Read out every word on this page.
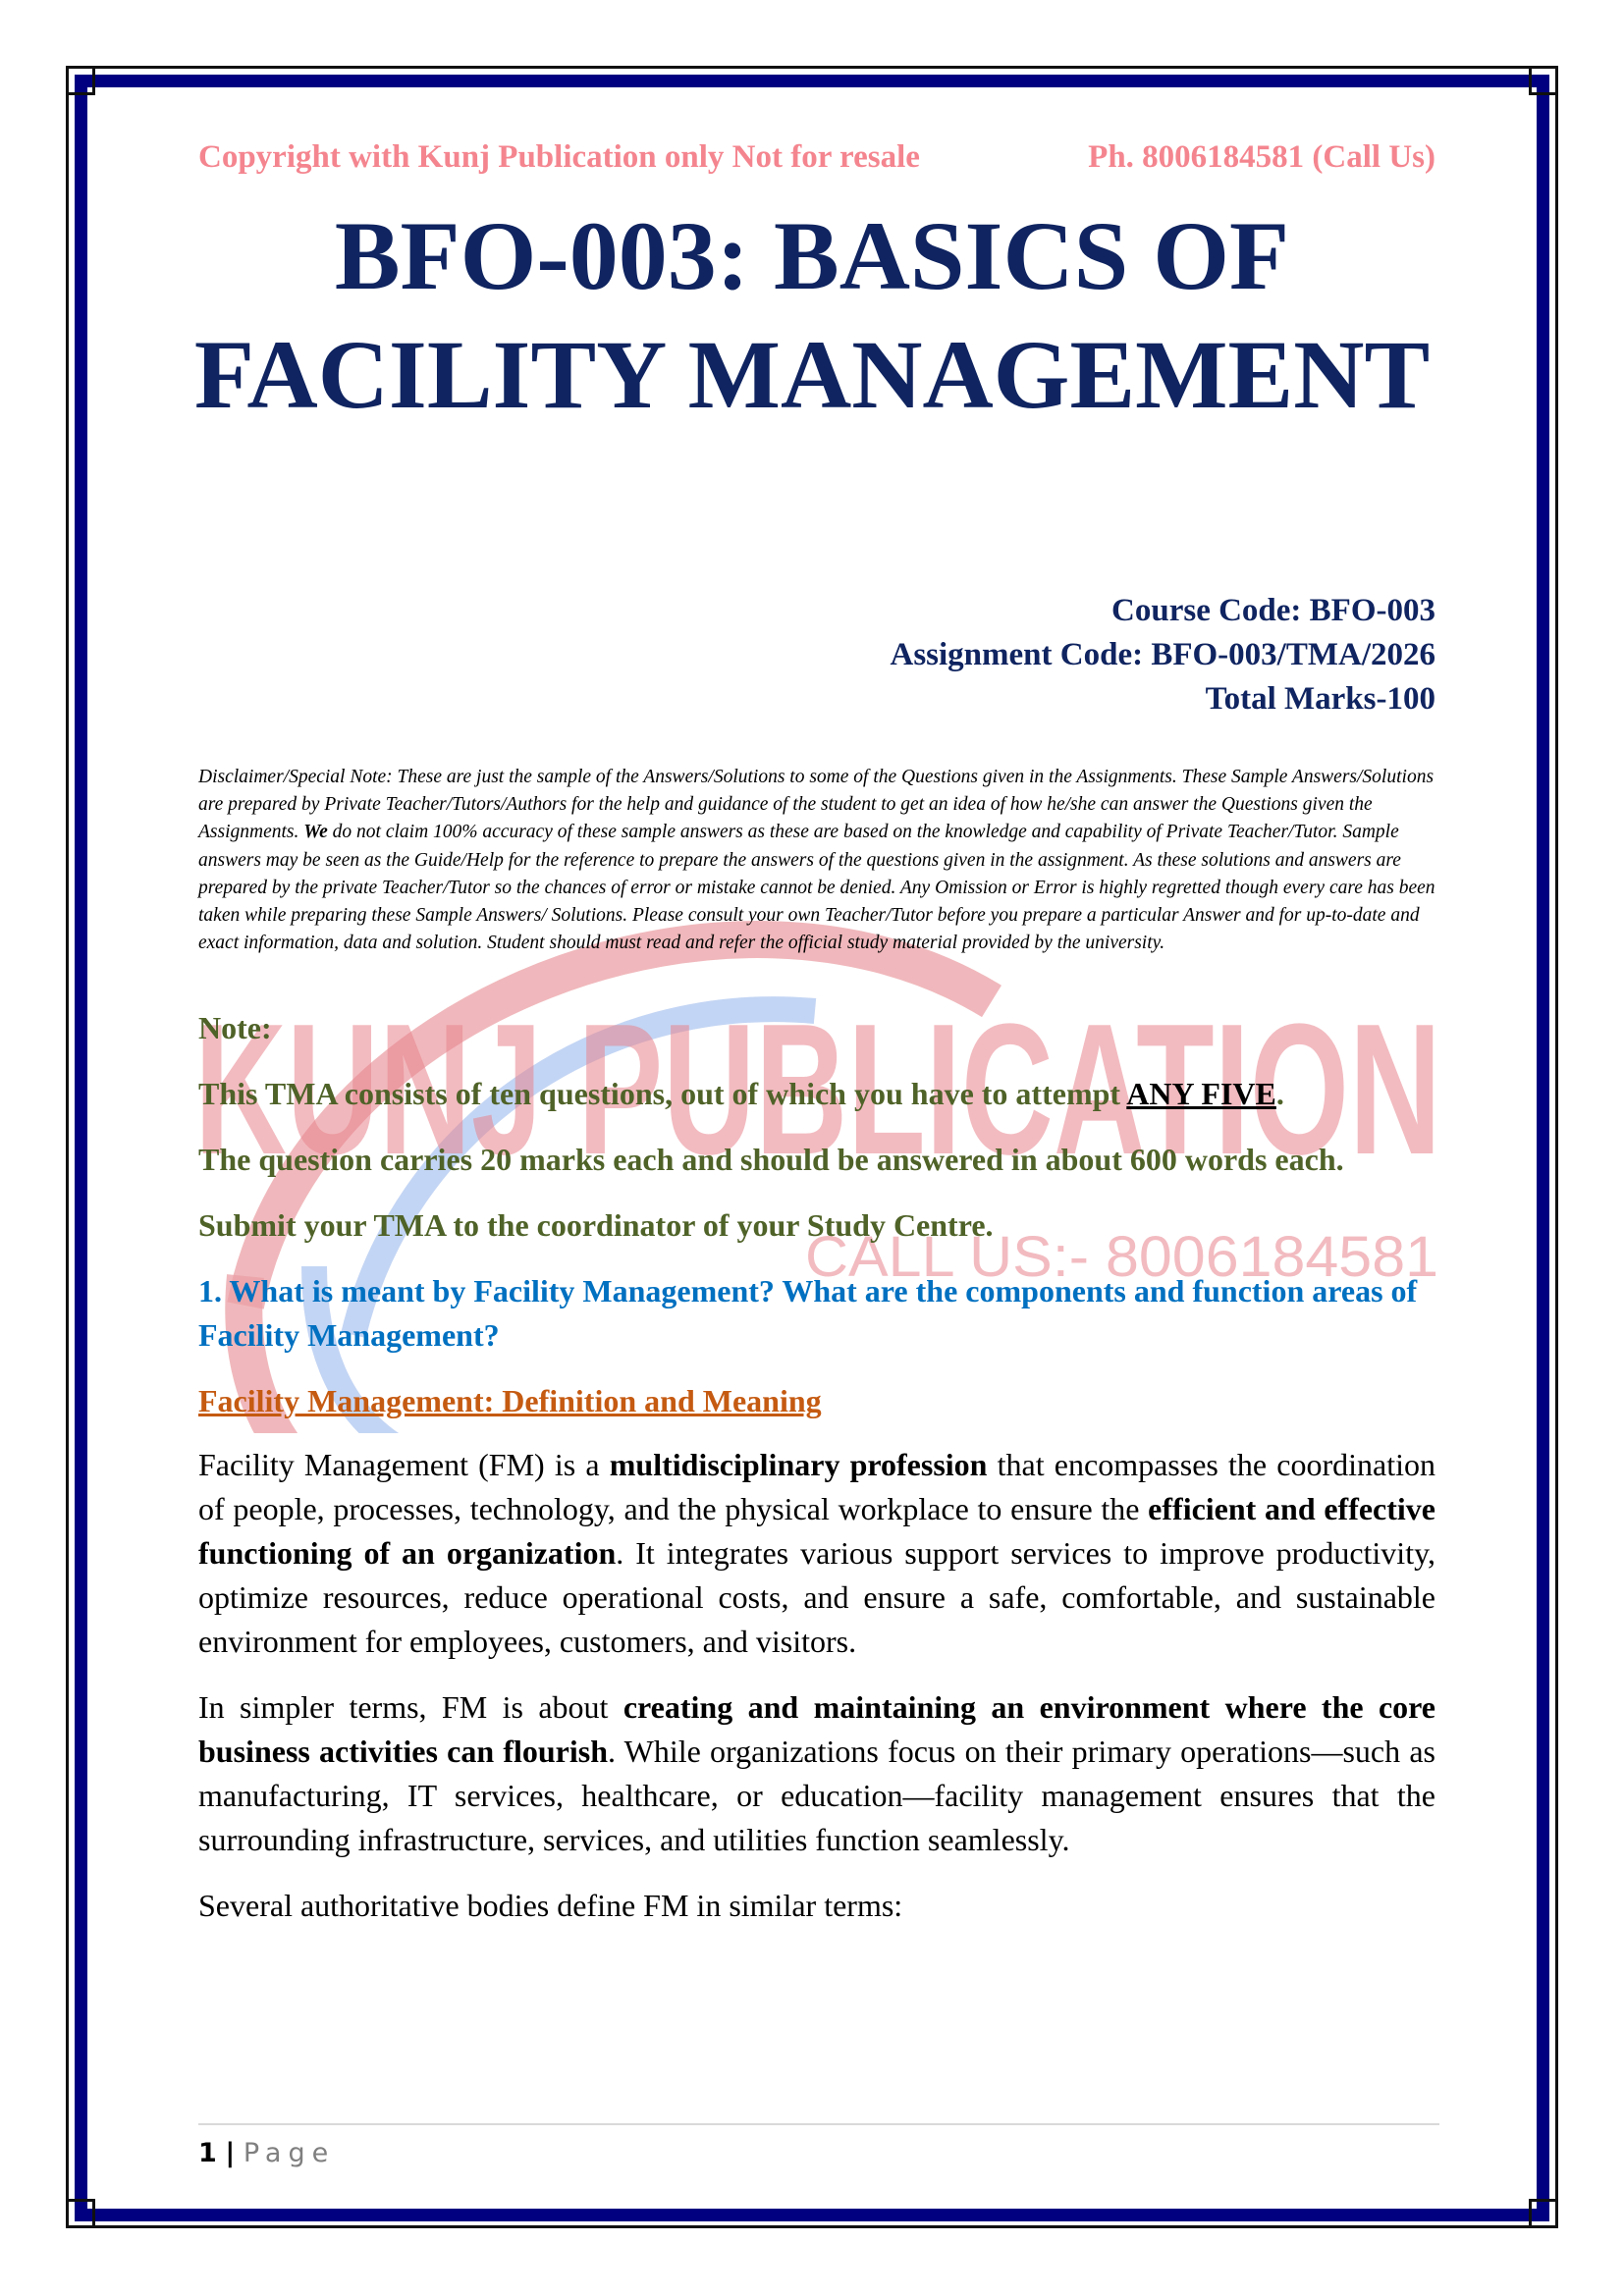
KUNJ PUBLICATION
CALL US:- 8006184581
Copyright with Kunj Publication only Not for resale	Ph. 8006184581 (Call Us)
BFO-003: BASICS OF
FACILITY MANAGEMENT
Course Code: BFO-003
Assignment Code: BFO-003/TMA/2026
Total Marks-100
Disclaimer/Special Note: These are just the sample of the Answers/Solutions to some of the Questions given in the Assignments. These Sample Answers/Solutions are prepared by Private Teacher/Tutors/Authors for the help and guidance of the student to get an idea of how he/she can answer the Questions given the Assignments. We do not claim 100% accuracy of these sample answers as these are based on the knowledge and capability of Private Teacher/Tutor. Sample answers may be seen as the Guide/Help for the reference to prepare the answers of the questions given in the assignment. As these solutions and answers are prepared by the private Teacher/Tutor so the chances of error or mistake cannot be denied. Any Omission or Error is highly regretted though every care has been taken while preparing these Sample Answers/ Solutions. Please consult your own Teacher/Tutor before you prepare a particular Answer and for up-to-date and exact information, data and solution. Student should must read and refer the official study material provided by the university.

Note:

This TMA consists of ten questions, out of which you have to attempt ANY FIVE.

The question carries 20 marks each and should be answered in about 600 words each.

Submit your TMA to the coordinator of your Study Centre.

1. What is meant by Facility Management? What are the components and function areas of Facility Management?

Facility Management: Definition and Meaning

Facility Management (FM) is a multidisciplinary profession that encompasses the coordination of people, processes, technology, and the physical workplace to ensure the efficient and effective functioning of an organization. It integrates various support services to improve productivity, optimize resources, reduce operational costs, and ensure a safe, comfortable, and sustainable environment for employees, customers, and visitors.

In simpler terms, FM is about creating and maintaining an environment where the core business activities can flourish. While organizations focus on their primary operations—such as manufacturing, IT services, healthcare, or education—facility management ensures that the surrounding infrastructure, services, and utilities function seamlessly.

Several authoritative bodies define FM in similar terms:

1 | Page
